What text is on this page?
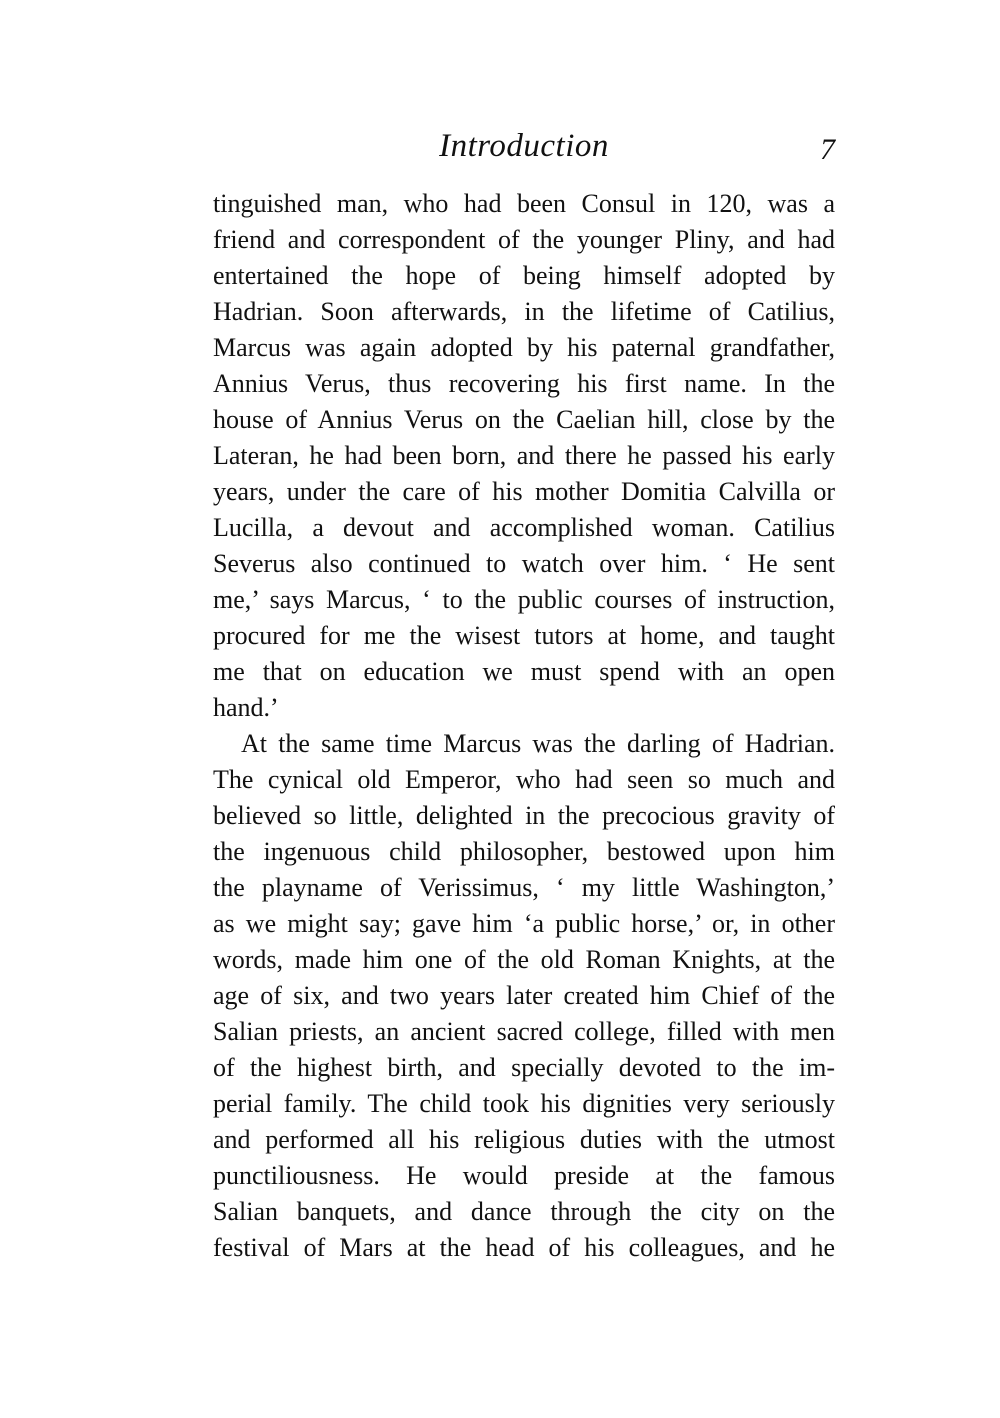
Introduction	7
tinguished man, who had been Consul in 120, was a
friend and correspondent of the younger Pliny, and had
entertained the hope of being himself adopted by
Hadrian. Soon afterwards, in the lifetime of Catilius,
Marcus was again adopted by his paternal grandfather,
Annius Verus, thus recovering his first name. In the
house of Annius Verus on the Caelian hill, close by the
Lateran, he had been born, and there he passed his early
years, under the care of his mother Domitia Calvilla or
Lucilla, a devout and accomplished woman. Catilius
Severus also continued to watch over him. ‘ He sent
me,’ says Marcus, ‘ to the public courses of instruction,
procured for me the wisest tutors at home, and taught
me that on education we must spend with an open
hand.’
At the same time Marcus was the darling of Hadrian.
The cynical old Emperor, who had seen so much and
believed so little, delighted in the precocious gravity of
the ingenuous child philosopher, bestowed upon him
the playname of Verissimus, ‘ my little Washington,’
as we might say; gave him ‘a public horse,’ or, in other
words, made him one of the old Roman Knights, at the
age of six, and two years later created him Chief of the
Salian priests, an ancient sacred college, filled with men
of the highest birth, and specially devoted to the im-
perial family. The child took his dignities very seriously
and performed all his religious duties with the utmost
punctiliousness. He would preside at the famous
Salian banquets, and dance through the city on the
festival of Mars at the head of his colleagues, and he
